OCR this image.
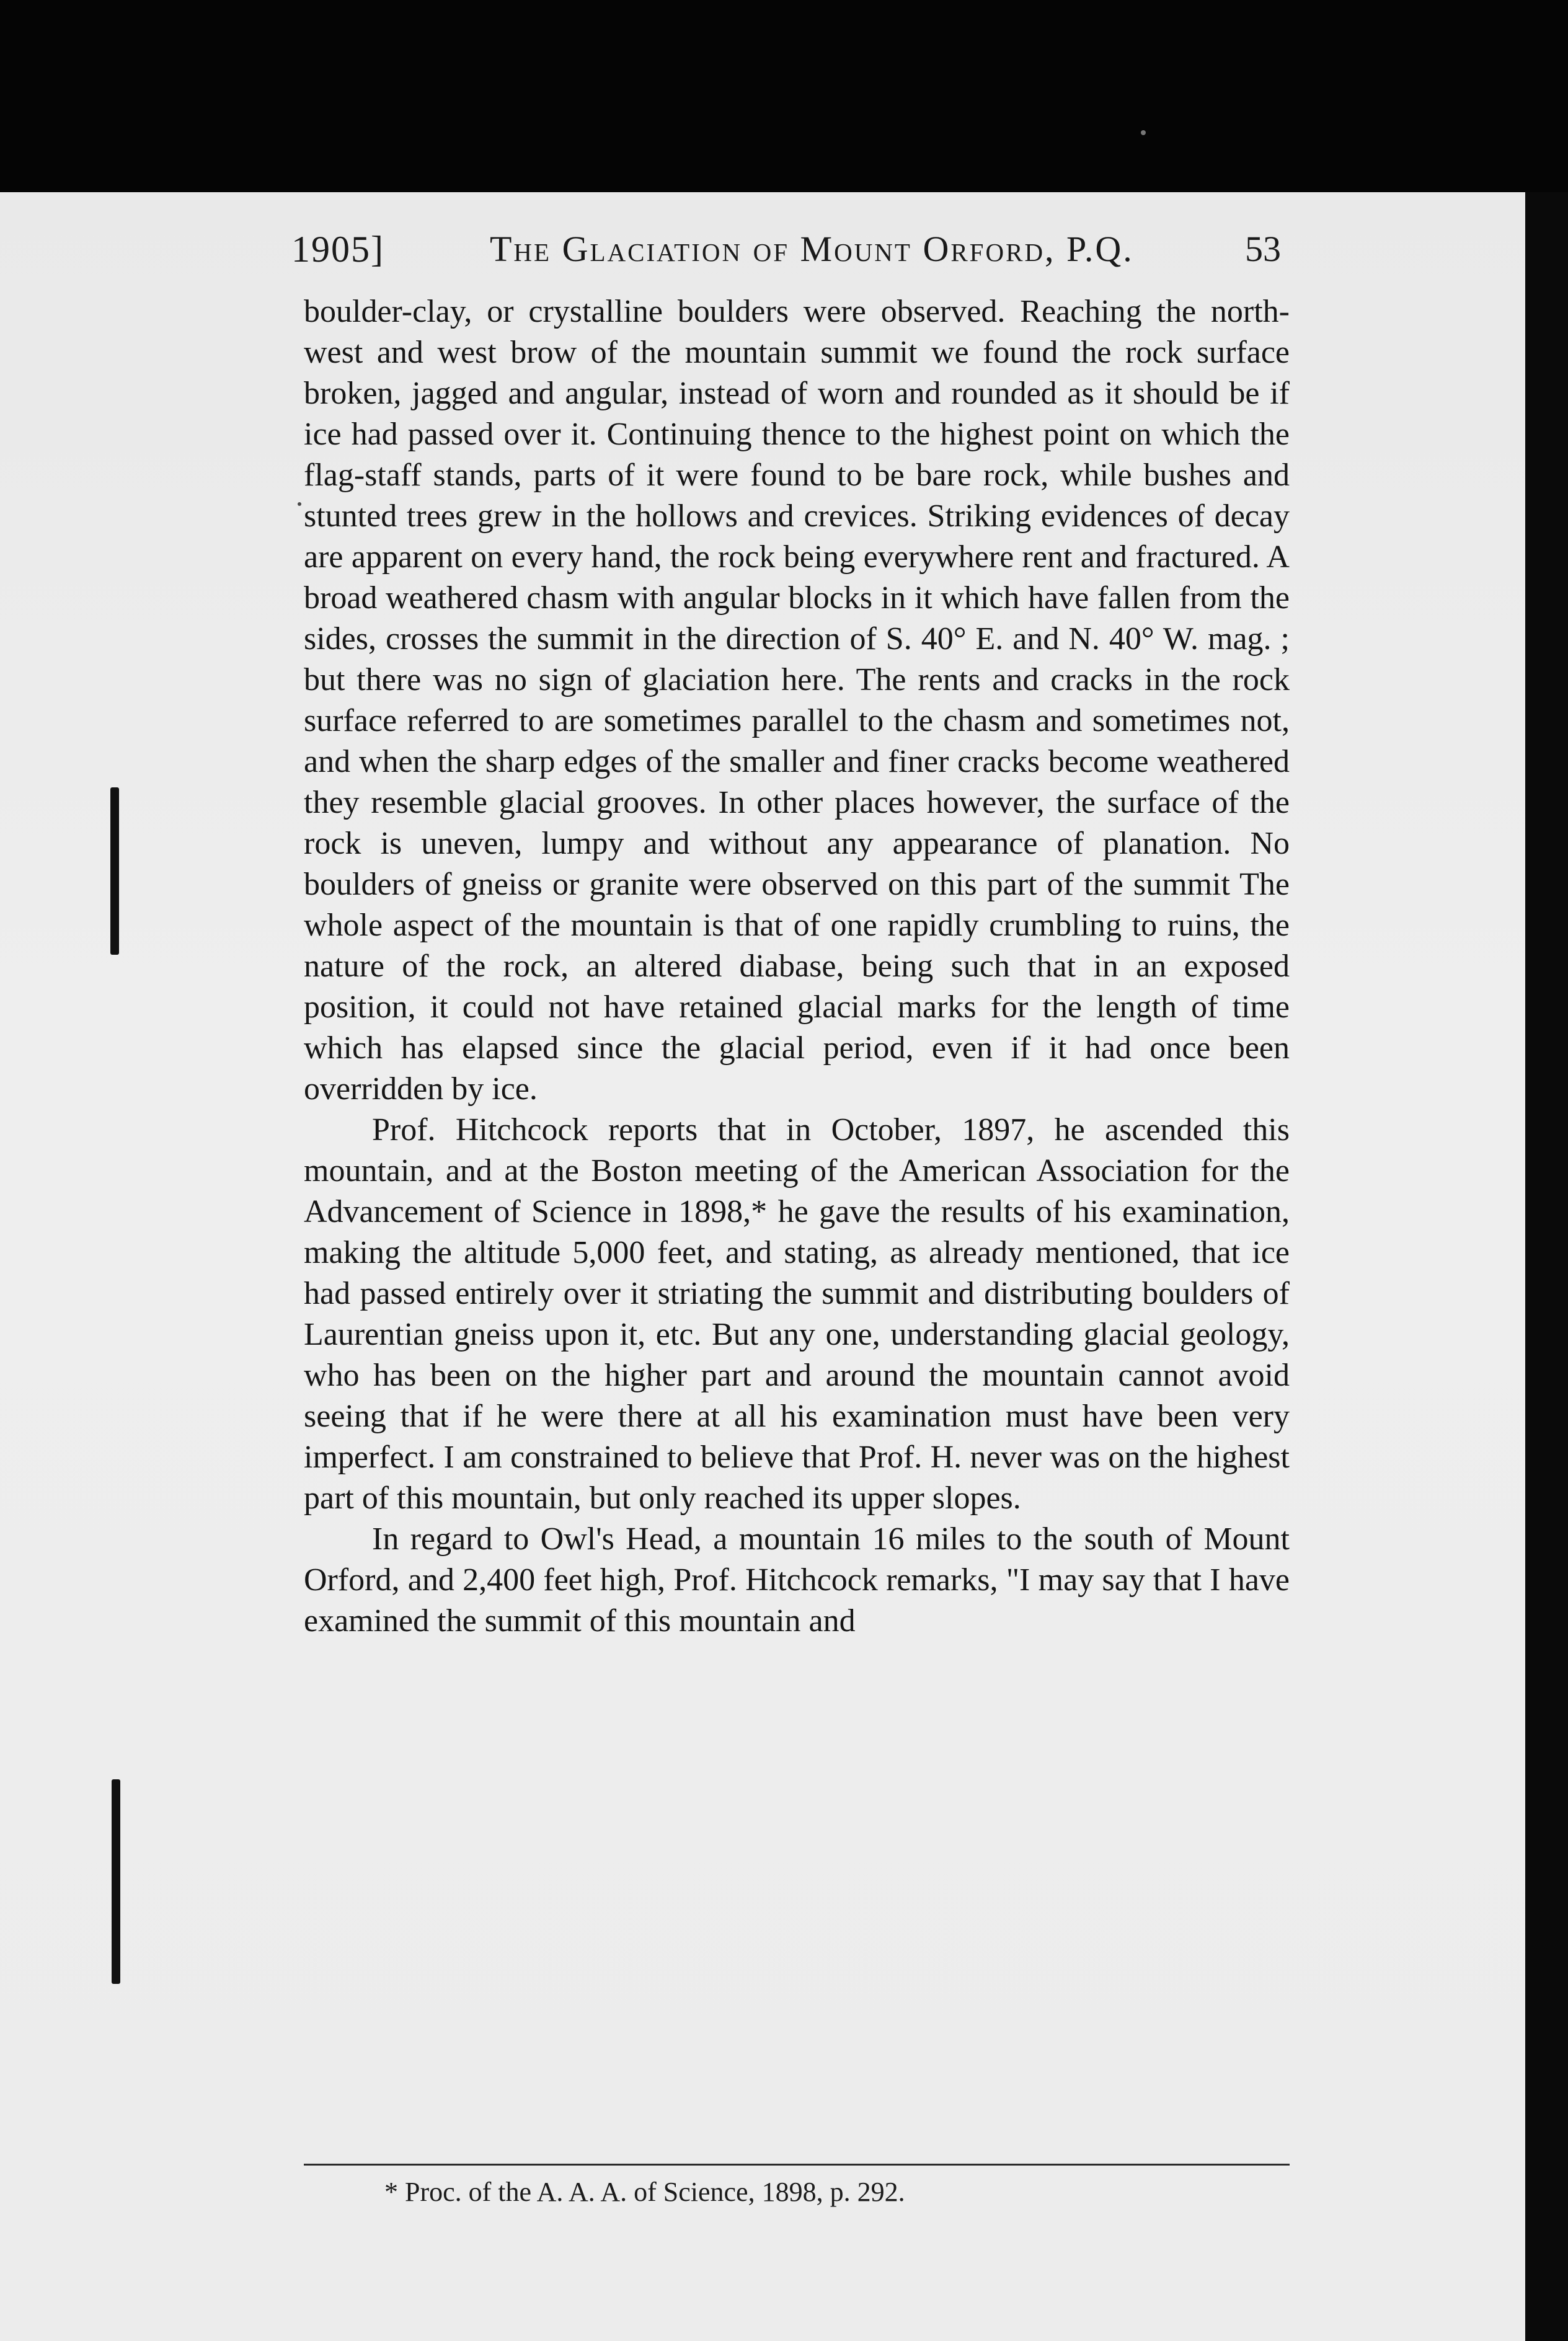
1905]	The Glaciation of Mount Orford, P.Q.	53

boulder-clay, or crystalline boulders were observed. Reaching the north-west and west brow of the mountain summit we found the rock surface broken, jagged and angular, instead of worn and rounded as it should be if ice had passed over it. Continuing thence to the highest point on which the flag-staff stands, parts of it were found to be bare rock, while bushes and stunted trees grew in the hollows and crevices. Striking evidences of decay are apparent on every hand, the rock being everywhere rent and fractured. A broad weathered chasm with angular blocks in it which have fallen from the sides, crosses the summit in the direction of S. 40° E. and N. 40° W. mag. ; but there was no sign of glaciation here. The rents and cracks in the rock surface referred to are sometimes parallel to the chasm and sometimes not, and when the sharp edges of the smaller and finer cracks become weathered they resemble glacial grooves. In other places however, the surface of the rock is uneven, lumpy and without any appearance of planation. No boulders of gneiss or granite were observed on this part of the summit The whole aspect of the mountain is that of one rapidly crumbling to ruins, the nature of the rock, an altered diabase, being such that in an exposed position, it could not have retained glacial marks for the length of time which has elapsed since the glacial period, even if it had once been overridden by ice.

Prof. Hitchcock reports that in October, 1897, he ascended this mountain, and at the Boston meeting of the American Association for the Advancement of Science in 1898,* he gave the results of his examination, making the altitude 5,000 feet, and stating, as already mentioned, that ice had passed entirely over it striating the summit and distributing boulders of Laurentian gneiss upon it, etc. But any one, understanding glacial geology, who has been on the higher part and around the mountain cannot avoid seeing that if he were there at all his examination must have been very imperfect. I am constrained to believe that Prof. H. never was on the highest part of this mountain, but only reached its upper slopes.

In regard to Owl's Head, a mountain 16 miles to the south of Mount Orford, and 2,400 feet high, Prof. Hitchcock remarks, "I may say that I have examined the summit of this mountain and

* Proc. of the A. A. A. of Science, 1898, p. 292.
